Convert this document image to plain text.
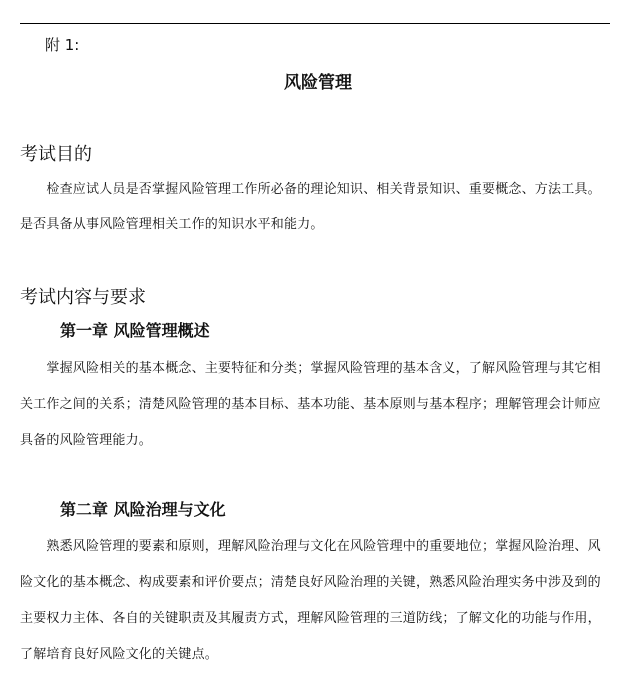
附 1:
风险管理
考试目的
　　检查应试人员是否掌握风险管理工作所必备的理论知识、相关背景知识、重要概念、方法工具。
是否具备从事风险管理相关工作的知识水平和能力。
考试内容与要求
第一章 风险管理概述
　　掌握风险相关的基本概念、主要特征和分类；掌握风险管理的基本含义，了解风险管理与其它相
关工作之间的关系；清楚风险管理的基本目标、基本功能、基本原则与基本程序；理解管理会计师应
具备的风险管理能力。
第二章 风险治理与文化
　　熟悉风险管理的要素和原则，理解风险治理与文化在风险管理中的重要地位；掌握风险治理、风
险文化的基本概念、构成要素和评价要点；清楚良好风险治理的关键，熟悉风险治理实务中涉及到的
主要权力主体、各自的关键职责及其履责方式，理解风险管理的三道防线；了解文化的功能与作用，
了解培育良好风险文化的关键点。
